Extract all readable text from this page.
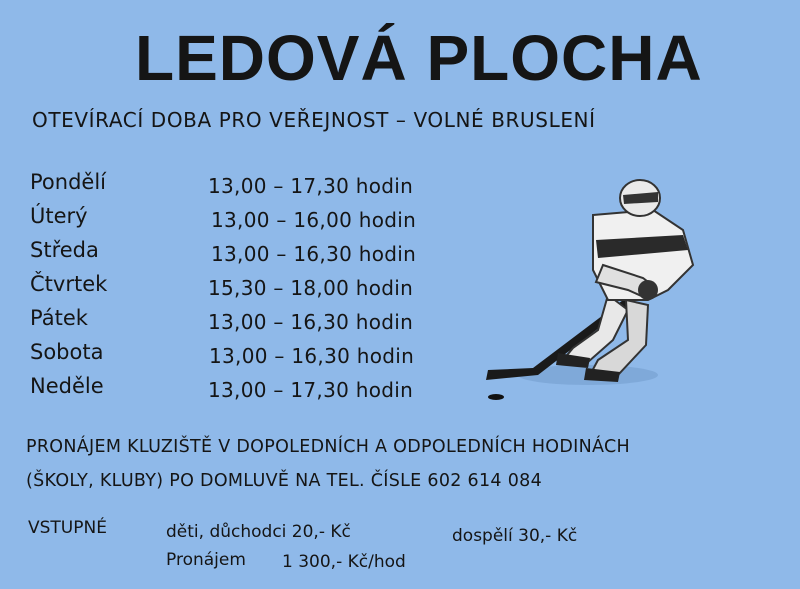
LEDOVÁ PLOCHA
OTEVÍRACÍ DOBA PRO VEŘEJNOST – VOLNÉ BRUSLENÍ
Pondělí	13,00 – 17,30 hodin
Úterý	13,00 – 16,00 hodin
Středa	13,00 – 16,30 hodin
Čtvrtek	15,30 – 18,00 hodin
Pátek	13,00 – 16,30 hodin
Sobota	13,00 – 16,30 hodin
Neděle	13,00 – 17,30 hodin
PRONÁJEM KLUZIŠTĚ V DOPOLEDNÍCH A ODPOLEDNÍCH HODINÁCH
(ŠKOLY, KLUBY) PO DOMLUVĚ NA TEL. ČÍSLE 602 614 084
VSTUPNÉ	děti, důchodci 20,- Kč	dospělí 30,- Kč
Pronájem 1 300,- Kč/hod
